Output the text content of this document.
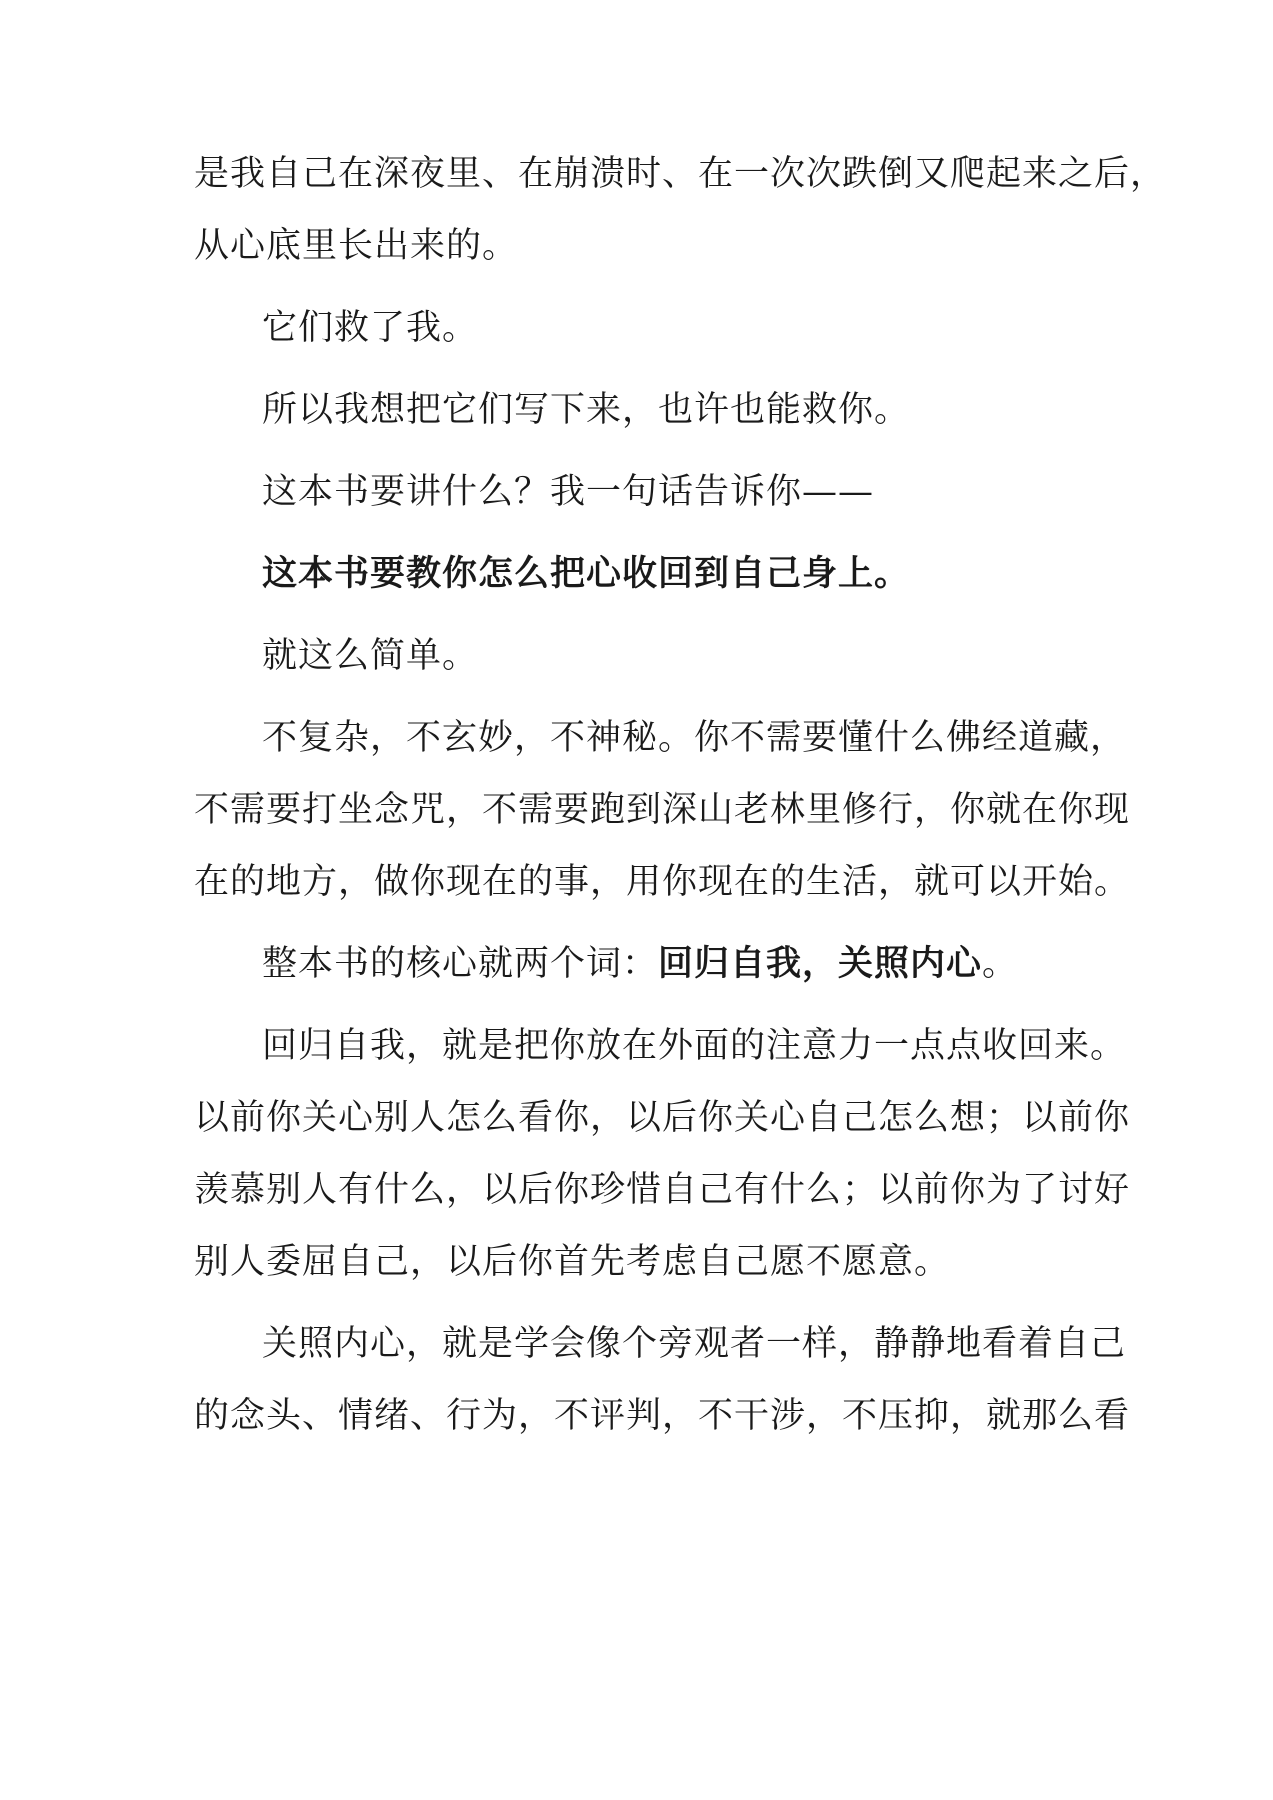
是我自己在深夜里、在崩溃时、在一次次跌倒又爬起来之后，
从心底里长出来的。
它们救了我。
所以我想把它们写下来，也许也能救你。
这本书要讲什么？我一句话告诉你——
这本书要教你怎么把心收回到自己身上。
就这么简单。
不复杂，不玄妙，不神秘。你不需要懂什么佛经道藏，
不需要打坐念咒，不需要跑到深山老林里修行，你就在你现
在的地方，做你现在的事，用你现在的生活，就可以开始。
整本书的核心就两个词：回归自我，关照内心。
回归自我，就是把你放在外面的注意力一点点收回来。
以前你关心别人怎么看你，以后你关心自己怎么想；以前你
羡慕别人有什么，以后你珍惜自己有什么；以前你为了讨好
别人委屈自己，以后你首先考虑自己愿不愿意。
关照内心，就是学会像个旁观者一样，静静地看着自己
的念头、情绪、行为，不评判，不干涉，不压抑，就那么看
